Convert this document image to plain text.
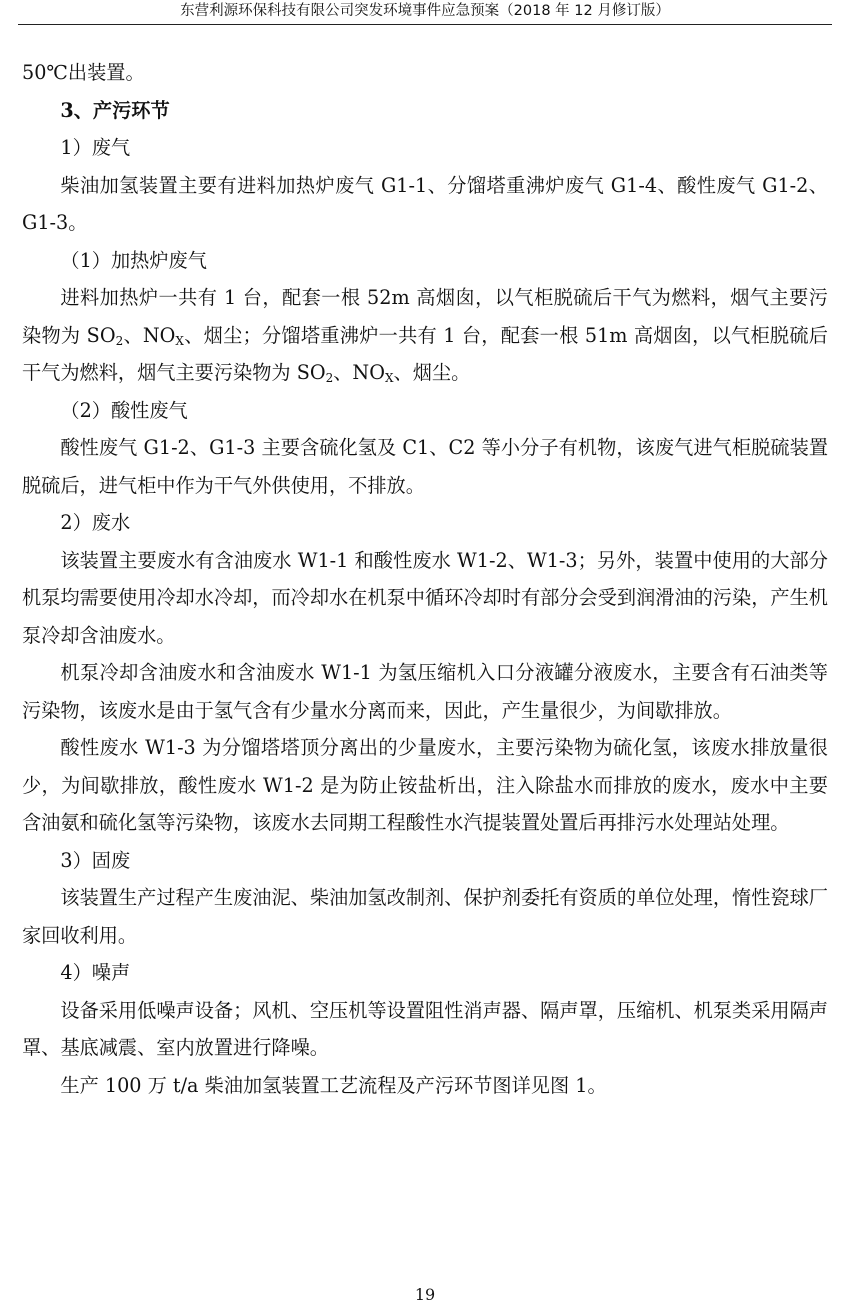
东营利源环保科技有限公司突发环境事件应急预案（2018 年 12 月修订版）

50℃出装置。

3、产污环节

1）废气

柴油加氢装置主要有进料加热炉废气 G1-1、分馏塔重沸炉废气 G1-4、酸性废气 G1-2、G1-3。

（1）加热炉废气

进料加热炉一共有 1 台，配套一根 52m 高烟囱，以气柜脱硫后干气为燃料，烟气主要污染物为 $SO_2$、$NO_X$、烟尘；分馏塔重沸炉一共有 1 台，配套一根 51m 高烟囱，以气柜脱硫后干气为燃料，烟气主要污染物为 $SO_2$、$NO_X$、烟尘。

（2）酸性废气

酸性废气 G1-2、G1-3 主要含硫化氢及 C1、C2 等小分子有机物，该废气进气柜脱硫装置脱硫后，进气柜中作为干气外供使用，不排放。

2）废水

该装置主要废水有含油废水 W1-1 和酸性废水 W1-2、W1-3；另外，装置中使用的大部分机泵均需要使用冷却水冷却，而冷却水在机泵中循环冷却时有部分会受到润滑油的污染，产生机泵冷却含油废水。

机泵冷却含油废水和含油废水 W1-1 为氢压缩机入口分液罐分液废水，主要含有石油类等污染物，该废水是由于氢气含有少量水分离而来，因此，产生量很少，为间歇排放。

酸性废水 W1-3 为分馏塔塔顶分离出的少量废水，主要污染物为硫化氢，该废水排放量很少，为间歇排放，酸性废水 W1-2 是为防止铵盐析出，注入除盐水而排放的废水，废水中主要含油氨和硫化氢等污染物，该废水去同期工程酸性水汽提装置处置后再排污水处理站处理。

3）固废

该装置生产过程产生废油泥、柴油加氢改制剂、保护剂委托有资质的单位处理，惰性瓷球厂家回收利用。

4）噪声

设备采用低噪声设备；风机、空压机等设置阻性消声器、隔声罩，压缩机、机泵类采用隔声罩、基底减震、室内放置进行降噪。

生产 100 万 t/a 柴油加氢装置工艺流程及产污环节图详见图 1。

19
